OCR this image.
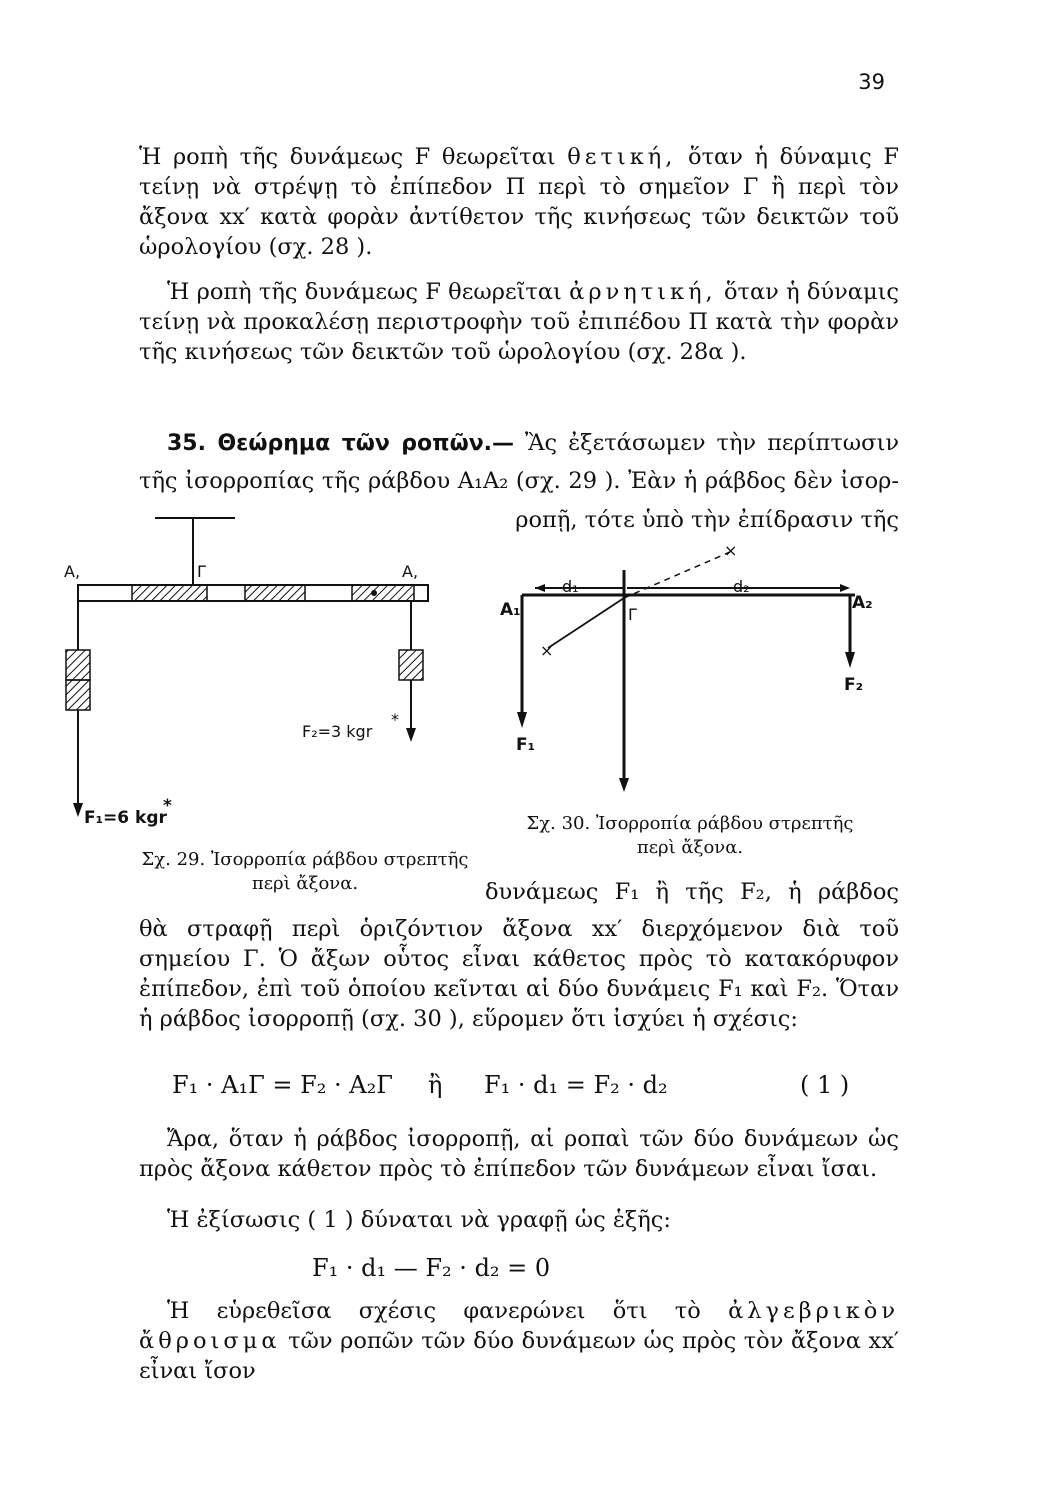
39
Ἡ ροπὴ τῆς δυνάμεως F θεωρεῖται θετική, ὅταν ἡ δύναμις F τείνῃ νὰ στρέψῃ τὸ ἐπίπεδον Π περὶ τὸ σημεῖον Γ ἢ περὶ τὸν ἄξονα xx′ κατὰ φορὰν ἀντίθετον τῆς κινήσεως τῶν δεικτῶν τοῦ ὡρολογίου (σχ. 28 ).
Ἡ ροπὴ τῆς δυνάμεως F θεωρεῖται ἀρνητική, ὅταν ἡ δύναμις τείνῃ νὰ προκαλέσῃ περιστροφὴν τοῦ ἐπιπέδου Π κατὰ τὴν φορὰν τῆς κινήσεως τῶν δεικτῶν τοῦ ὡρολογίου (σχ. 28α ).
35. Θεώρημα τῶν ροπῶν.— Ἂς ἐξετάσωμεν τὴν περίπτωσιν
τῆς ἰσορροπίας τῆς ράβδου A₁A₂ (σχ. 29 ). Ἐὰν ἡ ράβδος δὲν ἰσορ-
ροπῇ, τότε ὑπὸ τὴν ἐπίδρασιν τῆς
A,	Γ	A,
F₂=3 kgr
*
F₁=6 kgr
*
Σχ. 29. Ἰσορροπία ράβδου στρεπτῆς
περὶ ἄξονα.
d₁	d₂
×
×
A₁	A₂
Γ
F₁
F₂
Σχ. 30. Ἰσορροπία ράβδου στρεπτῆς
περὶ ἄξονα.
δυνάμεως F₁ ἢ τῆς F₂, ἡ ράβδος
θὰ στραφῇ περὶ ὁριζόντιον ἄξονα xx′ διερχόμενον διὰ τοῦ σημείου Γ. Ὁ ἄξων οὗτος εἶναι κάθετος πρὸς τὸ κατακόρυφον ἐπίπεδον, ἐπὶ τοῦ ὁποίου κεῖνται αἱ δύο δυνάμεις F₁ καὶ F₂. Ὅταν ἡ ράβδος ἰσορροπῇ (σχ. 30 ), εὕρομεν ὅτι ἰσχύει ἡ σχέσις:
F₁ · A₁Γ = F₂ · A₂Γ ἢ F₁ · d₁ = F₂ · d₂	( 1 )
Ἄρα, ὅταν ἡ ράβδος ἰσορροπῇ, αἱ ροπαὶ τῶν δύο δυνάμεων ὡς πρὸς ἄξονα κάθετον πρὸς τὸ ἐπίπεδον τῶν δυνάμεων εἶναι ἴσαι.
Ἡ ἐξίσωσις ( 1 ) δύναται νὰ γραφῇ ὡς ἑξῆς:
F₁ · d₁ — F₂ · d₂ = 0
Ἡ εὑρεθεῖσα σχέσις φανερώνει ὅτι τὸ ἀλγεβρικὸν ἄθροισμα τῶν ροπῶν τῶν δύο δυνάμεων ὡς πρὸς τὸν ἄξονα xx′ εἶναι ἴσον
